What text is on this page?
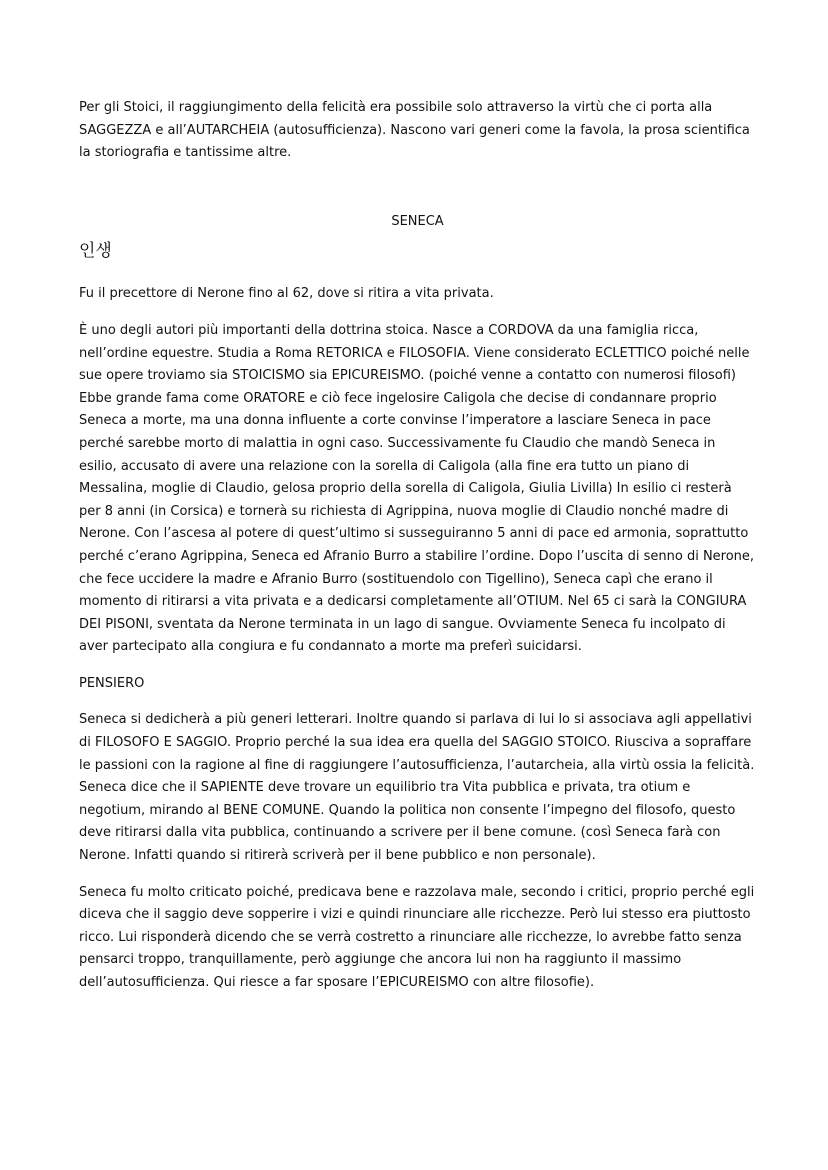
Per gli Stoici, il raggiungimento della felicità era possibile solo attraverso la virtù che ci porta alla SAGGEZZA e all’AUTARCHEIA (autosufficienza). Nascono vari generi come la favola, la prosa scientifica la storiografia e tantissime altre.

SENECA

인생

Fu il precettore di Nerone fino al 62, dove si ritira a vita privata.

È uno degli autori più importanti della dottrina stoica. Nasce a CORDOVA da una famiglia ricca, nell’ordine equestre. Studia a Roma RETORICA e FILOSOFIA. Viene considerato ECLETTICO poiché nelle sue opere troviamo sia STOICISMO sia EPICUREISMO. (poiché venne a contatto con numerosi filosofi) Ebbe grande fama come ORATORE e ciò fece ingelosire Caligola che decise di condannare proprio Seneca a morte, ma una donna influente a corte convinse l’imperatore a lasciare Seneca in pace perché sarebbe morto di malattia in ogni caso. Successivamente fu Claudio che mandò Seneca in esilio, accusato di avere una relazione con la sorella di Caligola (alla fine era tutto un piano di Messalina, moglie di Claudio, gelosa proprio della sorella di Caligola, Giulia Livilla) In esilio ci resterà per 8 anni (in Corsica) e tornerà su richiesta di Agrippina, nuova moglie di Claudio nonché madre di Nerone. Con l’ascesa al potere di quest’ultimo si susseguiranno 5 anni di pace ed armonia, soprattutto perché c’erano Agrippina, Seneca ed Afranio Burro a stabilire l’ordine. Dopo l’uscita di senno di Nerone, che fece uccidere la madre e Afranio Burro (sostituendolo con Tigellino), Seneca capì che erano il momento di ritirarsi a vita privata e a dedicarsi completamente all’OTIUM. Nel 65 ci sarà la CONGIURA DEI PISONI, sventata da Nerone terminata in un lago di sangue. Ovviamente Seneca fu incolpato di aver partecipato alla congiura e fu condannato a morte ma preferì suicidarsi.

PENSIERO

Seneca si dedicherà a più generi letterari. Inoltre quando si parlava di lui lo si associava agli appellativi di FILOSOFO E SAGGIO. Proprio perché la sua idea era quella del SAGGIO STOICO. Riusciva a sopraffare le passioni con la ragione al fine di raggiungere l’autosufficienza, l’autarcheia, alla virtù ossia la felicità. Seneca dice che il SAPIENTE deve trovare un equilibrio tra Vita pubblica e privata, tra otium e negotium, mirando al BENE COMUNE. Quando la politica non consente l’impegno del filosofo, questo deve ritirarsi dalla vita pubblica, continuando a scrivere per il bene comune. (così Seneca farà con Nerone. Infatti quando si ritirerà scriverà per il bene pubblico e non personale).

Seneca fu molto criticato poiché, predicava bene e razzolava male, secondo i critici, proprio perché egli diceva che il saggio deve sopperire i vizi e quindi rinunciare alle ricchezze. Però lui stesso era piuttosto ricco. Lui risponderà dicendo che se verrà costretto a rinunciare alle ricchezze, lo avrebbe fatto senza pensarci troppo, tranquillamente, però aggiunge che ancora lui non ha raggiunto il massimo dell’autosufficienza. Qui riesce a far sposare l’EPICUREISMO con altre filosofie).
